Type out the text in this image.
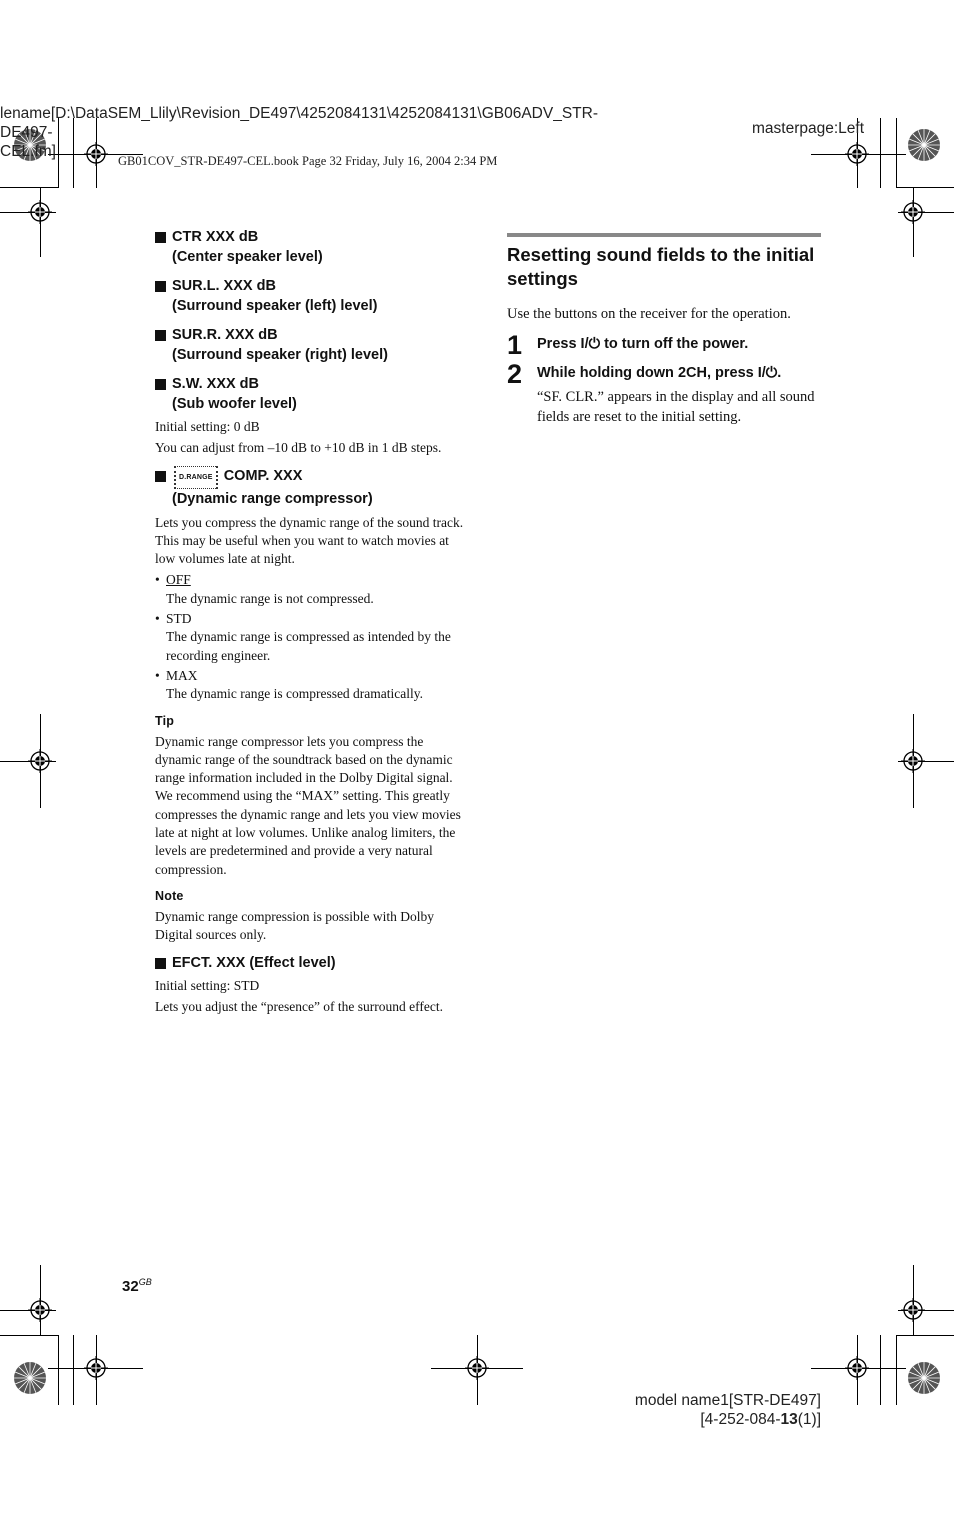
lename[D:\DataSEM_Llily\Revision_DE497\4252084131\4252084131\GB06ADV_STR-DE497-
CEL.fm]
masterpage:Left
GB01COV_STR-DE497-CEL.book Page 32 Friday, July 16, 2004 2:34 PM
CTR XXX dB
(Center speaker level)
SUR.L. XXX dB
(Surround speaker (left) level)
SUR.R. XXX dB
(Surround speaker (right) level)
S.W. XXX dB
(Sub woofer level)

Initial setting: 0 dB

You can adjust from –10 dB to +10 dB in 1 dB steps.

D.RANGE COMP. XXX
(Dynamic range compressor)

Lets you compress the dynamic range of the sound track. This may be useful when you want to watch movies at low volumes late at night.

• OFF
The dynamic range is not compressed.
• STD
The dynamic range is compressed as intended by the recording engineer.
• MAX
The dynamic range is compressed dramatically.
Tip

Dynamic range compressor lets you compress the dynamic range of the soundtrack based on the dynamic range information included in the Dolby Digital signal. We recommend using the “MAX” setting. This greatly compresses the dynamic range and lets you view movies late at night at low volumes. Unlike analog limiters, the levels are predetermined and provide a very natural compression.

Note

Dynamic range compression is possible with Dolby Digital sources only.

EFCT. XXX (Effect level)

Initial setting: STD

Lets you adjust the “presence” of the surround effect.

Resetting sound fields to the initial settings
Use the buttons on the receiver for the operation.
1 Press I/⏻ to turn off the power.
2 While holding down 2CH, press I/⏻.
“SF. CLR.” appears in the display and all sound fields are reset to the initial setting.
$32^{GB}$
model name1[STR-DE497]
[4-252-084-13(1)]
